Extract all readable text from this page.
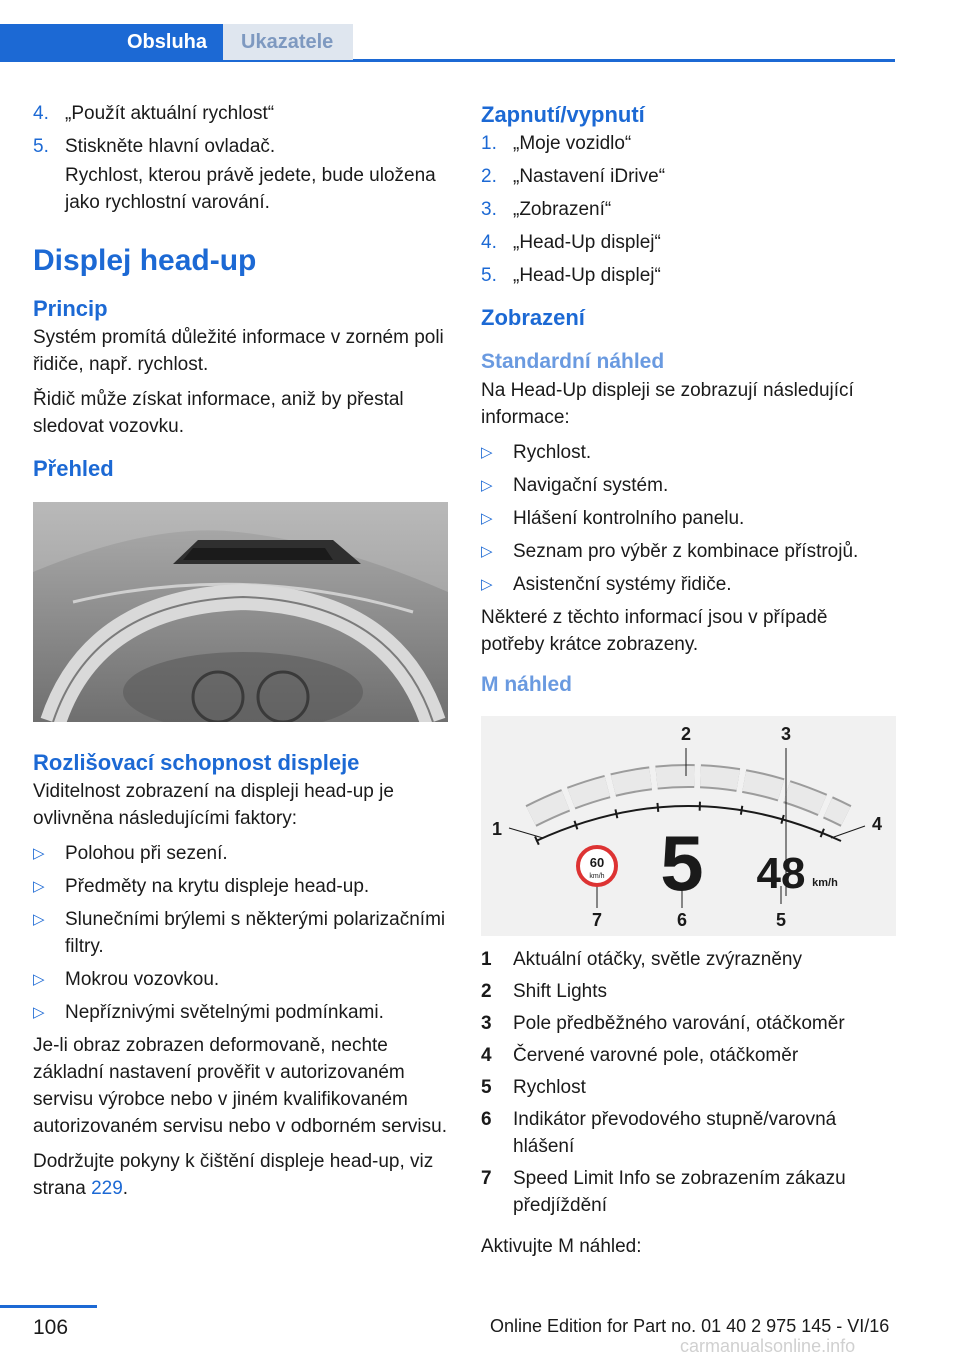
Obsluha	Ukazatele
4. „Použít aktuální rychlost“
5. Stiskněte hlavní ovladač.

Rychlost, kterou právě jedete, bude uložena jako rychlostní varování.

Displej head-up
Princip

Systém promítá důležité informace v zorném poli řidiče, např. rychlost.

Řidič může získat informace, aniž by přestal sledovat vozovku.

Přehled
Rozlišovací schopnost displeje

Viditelnost zobrazení na displeji head-up je ovlivněna následujícími faktory:

▷ Polohou při sezení.
▷ Předměty na krytu displeje head-up.
▷ Slunečními brýlemi s některými polarizačními filtry.
▷ Mokrou vozovkou.
▷ Nepříznivými světelnými podmínkami.

Je-li obraz zobrazen deformovaně, nechte základní nastavení prověřit v autorizovaném servisu výrobce nebo v jiném kvalifikovaném autorizovaném servisu nebo v odborném servisu.

Dodržujte pokyny k čištění displeje head-up, viz strana 229.

Zapnutí/vypnutí
1. „Moje vozidlo“
2. „Nastavení iDrive“
3. „Zobrazení“
4. „Head-Up displej“
5. „Head-Up displej“
Zobrazení
Standardní náhled

Na Head-Up displeji se zobrazují následující informace:

▷ Rychlost.
▷ Navigační systém.
▷ Hlášení kontrolního panelu.
▷ Seznam pro výběr z kombinace přístrojů.
▷ Asistenční systémy řidiče.

Některé z těchto informací jsou v případě potřeby krátce zobrazeny.

M náhled
60
km/h 5 48 km/h
1
2	3
4
5
6
7
1 Aktuální otáčky, světle zvýrazněny
2 Shift Lights
3 Pole předběžného varování, otáčkoměr
4 Červené varovné pole, otáčkoměr
5 Rychlost
6 Indikátor převodového stupně/varovná hlášení
7 Speed Limit Info se zobrazením zákazu předjíždění

Aktivujte M náhled:

106	Online Edition for Part no. 01 40 2 975 145 - VI/16
carmanualsonline.info
